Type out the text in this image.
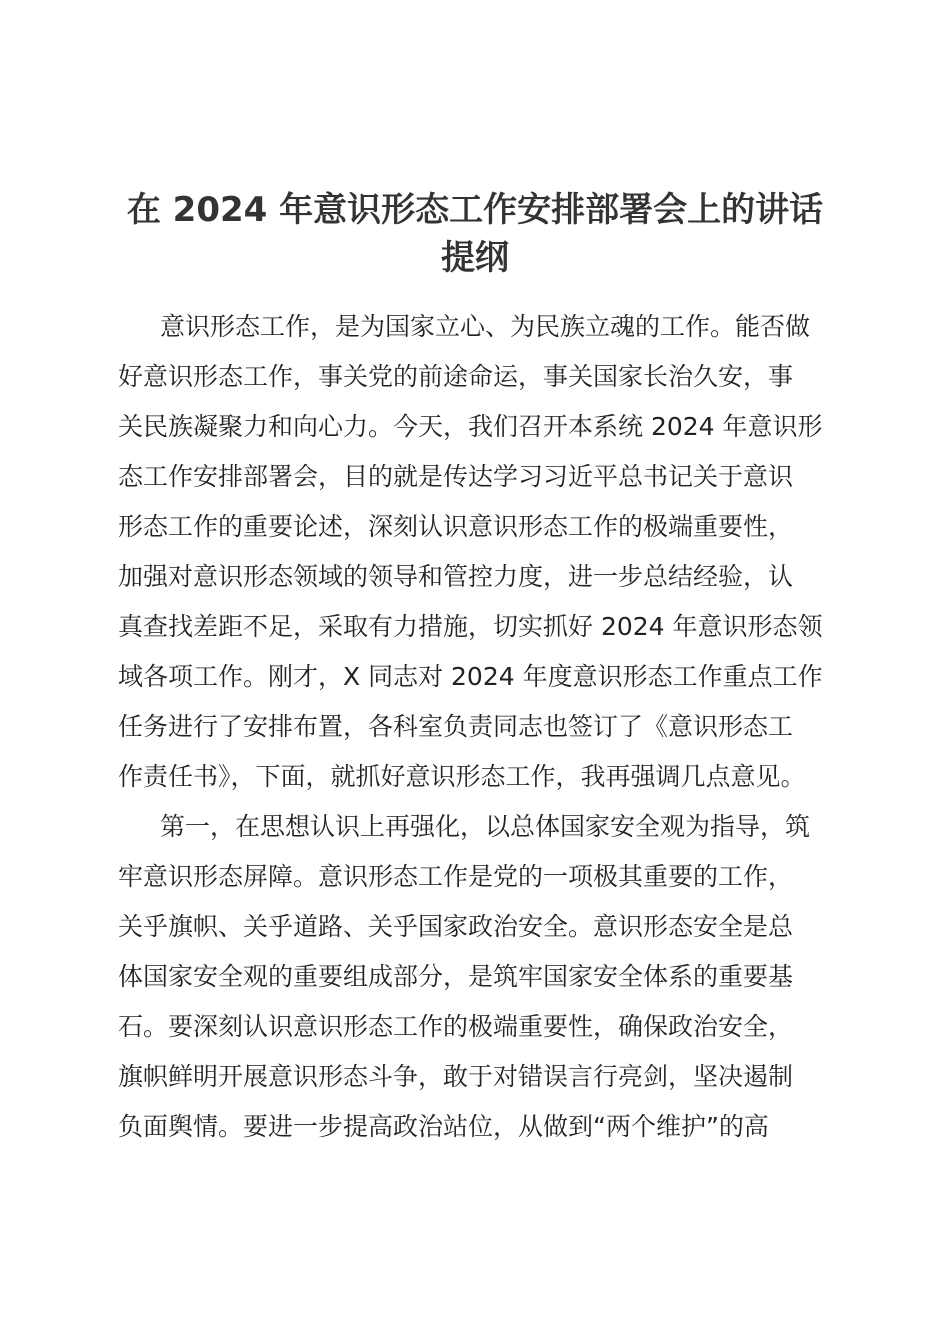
在 2024 年意识形态工作安排部署会上的讲话
提纲

意识形态工作，是为国家立心、为民族立魂的工作。能否做

好意识形态工作，事关党的前途命运，事关国家长治久安，事

关民族凝聚力和向心力。今天，我们召开本系统 2024 年意识形

态工作安排部署会，目的就是传达学习习近平总书记关于意识

形态工作的重要论述，深刻认识意识形态工作的极端重要性，

加强对意识形态领域的领导和管控力度，进一步总结经验，认

真查找差距不足，采取有力措施，切实抓好 2024 年意识形态领

域各项工作。刚才，X 同志对 2024 年度意识形态工作重点工作

任务进行了安排布置，各科室负责同志也签订了《意识形态工

作责任书》，下面，就抓好意识形态工作，我再强调几点意见。

第一，在思想认识上再强化，以总体国家安全观为指导，筑

牢意识形态屏障。意识形态工作是党的一项极其重要的工作，

关乎旗帜、关乎道路、关乎国家政治安全。意识形态安全是总

体国家安全观的重要组成部分，是筑牢国家安全体系的重要基

石。要深刻认识意识形态工作的极端重要性，确保政治安全，

旗帜鲜明开展意识形态斗争，敢于对错误言行亮剑，坚决遏制

负面舆情。要进一步提高政治站位，从做到“两个维护”的高
